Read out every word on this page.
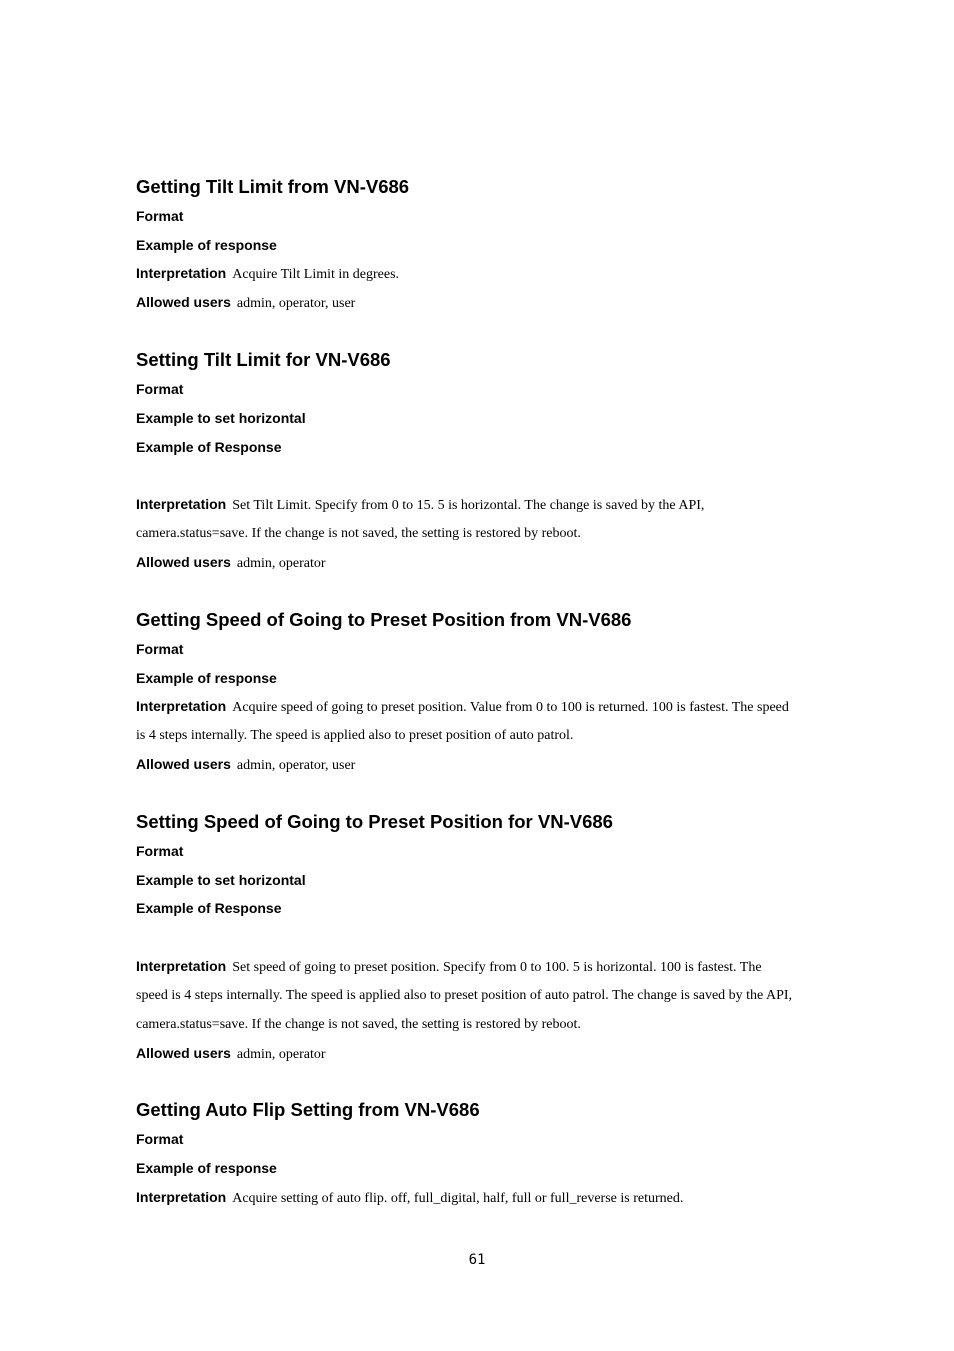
Getting Tilt Limit from VN-V686
Format
Example of response
Interpretation Acquire Tilt Limit in degrees.
Allowed users admin, operator, user
Setting Tilt Limit for VN-V686
Format
Example to set horizontal
Example of Response
Interpretation Set Tilt Limit. Specify from 0 to 15. 5 is horizontal. The change is saved by the API,
camera.status=save. If the change is not saved, the setting is restored by reboot.
Allowed users admin, operator
Getting Speed of Going to Preset Position from VN-V686
Format
Example of response
Interpretation Acquire speed of going to preset position. Value from 0 to 100 is returned. 100 is fastest. The speed
is 4 steps internally. The speed is applied also to preset position of auto patrol.
Allowed users admin, operator, user
Setting Speed of Going to Preset Position for VN-V686
Format
Example to set horizontal
Example of Response
Interpretation Set speed of going to preset position. Specify from 0 to 100. 5 is horizontal. 100 is fastest. The
speed is 4 steps internally. The speed is applied also to preset position of auto patrol. The change is saved by the API,
camera.status=save. If the change is not saved, the setting is restored by reboot.
Allowed users admin, operator
Getting Auto Flip Setting from VN-V686
Format
Example of response
Interpretation Acquire setting of auto flip. off, full_digital, half, full or full_reverse is returned.
61
